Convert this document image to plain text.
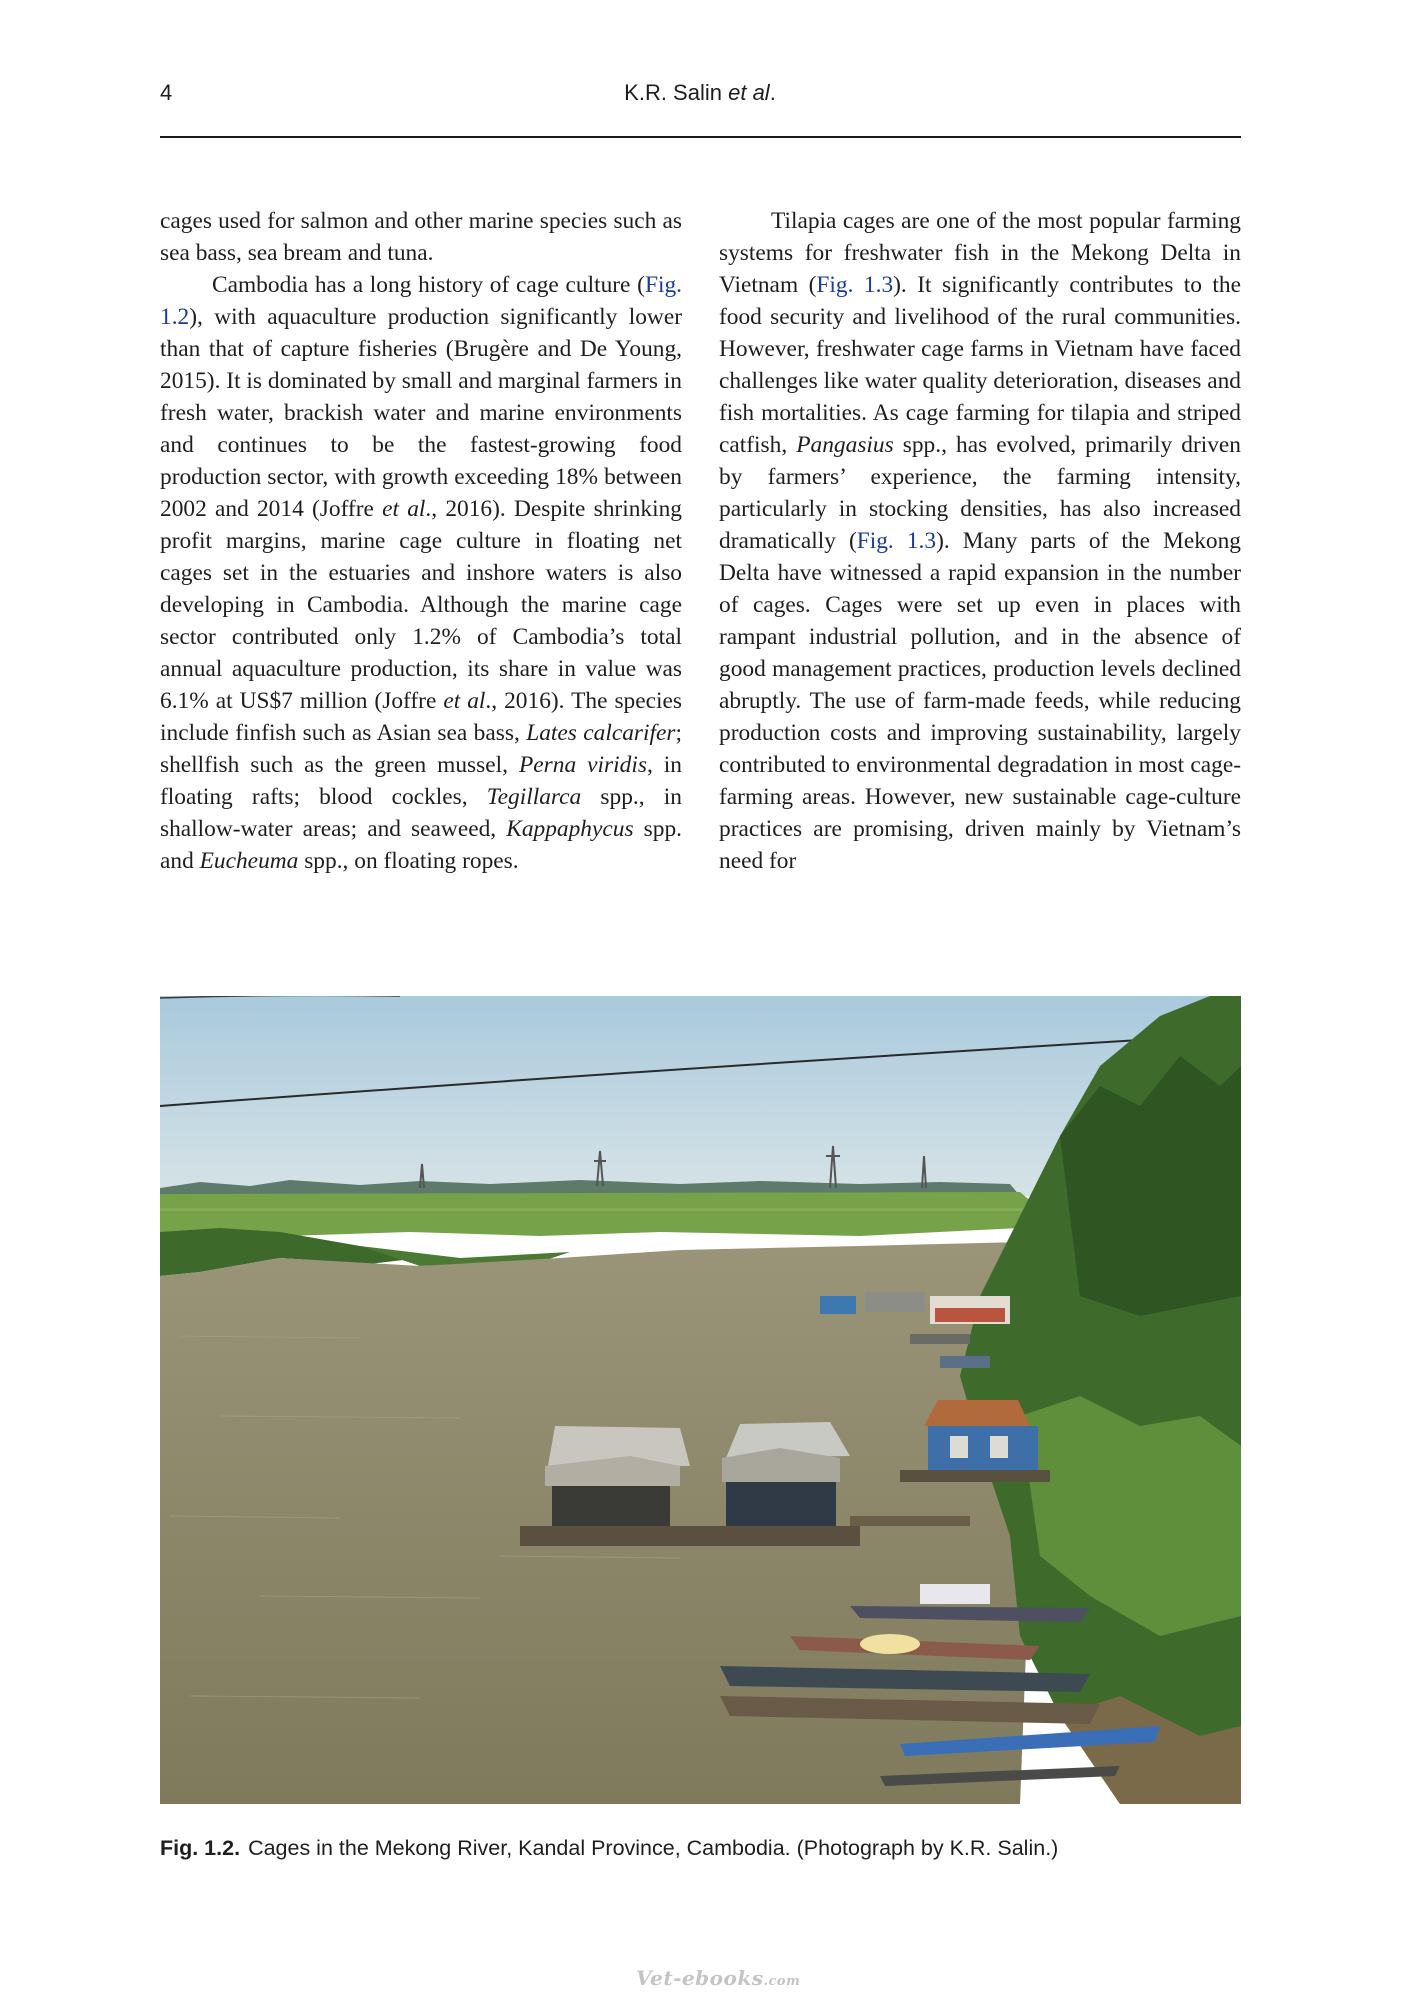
4	K.R. Salin et al.

cages used for salmon and other marine species such as sea bass, sea bream and tuna.

Cambodia has a long history of cage culture (Fig. 1.2), with aquaculture production significantly lower than that of capture fisheries (Brugère and De Young, 2015). It is dominated by small and marginal farmers in fresh water, brackish water and marine environments and continues to be the fastest-growing food production sector, with growth exceeding 18% between 2002 and 2014 (Joffre et al., 2016). Despite shrinking profit margins, marine cage culture in floating net cages set in the estuaries and inshore waters is also developing in Cambodia. Although the marine cage sector contributed only 1.2% of Cambodia’s total annual aquaculture production, its share in value was 6.1% at US$7 million (Joffre et al., 2016). The species include finfish such as Asian sea bass, Lates calcarifer; shellfish such as the green mussel, Perna viridis, in floating rafts; blood cockles, Tegillarca spp., in shallow-water areas; and seaweed, Kappaphycus spp. and Eucheuma spp., on floating ropes.

Tilapia cages are one of the most popular farming systems for freshwater fish in the Mekong Delta in Vietnam (Fig. 1.3). It significantly contributes to the food security and livelihood of the rural communities. However, freshwater cage farms in Vietnam have faced challenges like water quality deterioration, diseases and fish mortalities. As cage farming for tilapia and striped catfish, Pangasius spp., has evolved, primarily driven by farmers’ experience, the farming intensity, particularly in stocking densities, has also increased dramatically (Fig. 1.3). Many parts of the Mekong Delta have witnessed a rapid expansion in the number of cages. Cages were set up even in places with rampant industrial pollution, and in the absence of good management practices, production levels declined abruptly. The use of farm-made feeds, while reducing production costs and improving sustainability, largely contributed to environmental degradation in most cage-farming areas. However, new sustainable cage-culture practices are promising, driven mainly by Vietnam’s need for

Fig. 1.2. Cages in the Mekong River, Kandal Province, Cambodia. (Photograph by K.R. Salin.)
Vet-ebooks.com
